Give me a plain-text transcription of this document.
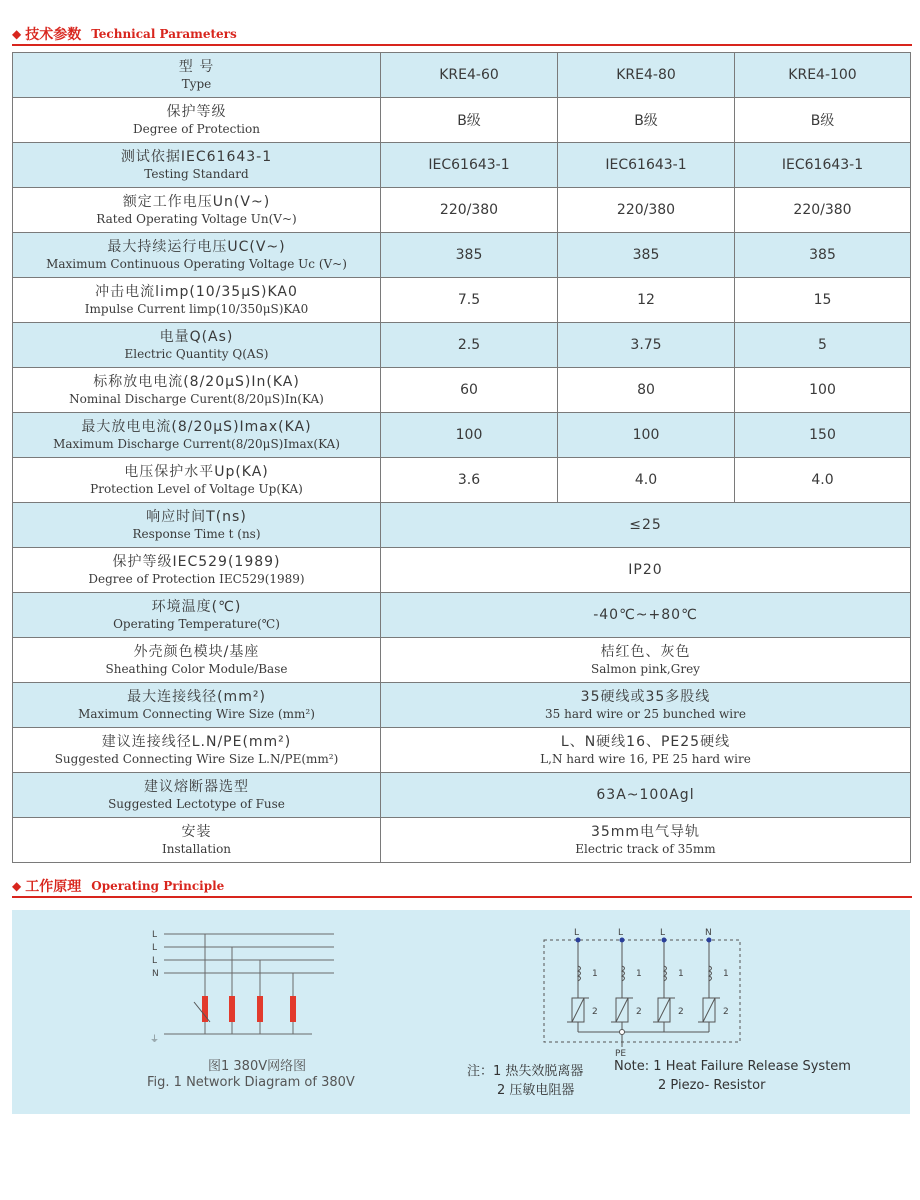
◆ 技术参数 Technical Parameters
型 号
Type	KRE4-60	KRE4-80	KRE4-100

保护等级
Degree of Protection	B级	B级	B级

测试依据IEC61643-1
Testing Standard	IEC61643-1	IEC61643-1	IEC61643-1

额定工作电压Un(V~)
Rated Operating Voltage Un(V~)	220/380	220/380	220/380

最大持续运行电压UC(V~)
Maximum Continuous Operating Voltage Uc (V~)	385	385	385

冲击电流limp(10/35μS)KA0
Impulse Current limp(10/350μS)KA0	7.5	12	15

电量Q(As)
Electric Quantity Q(AS)	2.5	3.75	5

标称放电电流(8/20μS)In(KA)
Nominal Discharge Curent(8/20μS)In(KA)	60	80	100

最大放电电流(8/20μS)Imax(KA)
Maximum Discharge Current(8/20μS)Imax(KA)	100	100	150

电压保护水平Up(KA)
Protection Level of Voltage Up(KA)	3.6	4.0	4.0

响应时间T(ns)
Response Time t (ns)	≤25		

保护等级IEC529(1989)
Degree of Protection IEC529(1989)	IP20		

环境温度(℃)
Operating Temperature(℃)	-40℃~+80℃		

外壳颜色模块/基座
Sheathing Color Module/Base	桔红色、灰色
Salmon pink,Grey		

最大连接线径(mm²)
Maximum Connecting Wire Size (mm²)	35硬线或35多股线
35 hard wire or 25 bunched wire		

建议连接线径L.N/PE(mm²)
Suggested Connecting Wire Size L.N/PE(mm²)	L、N硬线16、PE25硬线
L,N hard wire 16, PE 25 hard wire		

建议熔断器选型
Suggested Lectotype of Fuse	63A~100Agl		

安装
Installation	35mm电气导轨
Electric track of 35mm		
◆ 工作原理 Operating Principle
L
L
L
N
⏚
L	L	L	N
1
2
1
2
1
2
1
2
PE
图1 380V网络图
Fig. 1 Network Diagram of 380V
注：1 热失效脱离器
2 压敏电阻器
Note: 1 Heat Failure Release System
2 Piezo- Resistor
